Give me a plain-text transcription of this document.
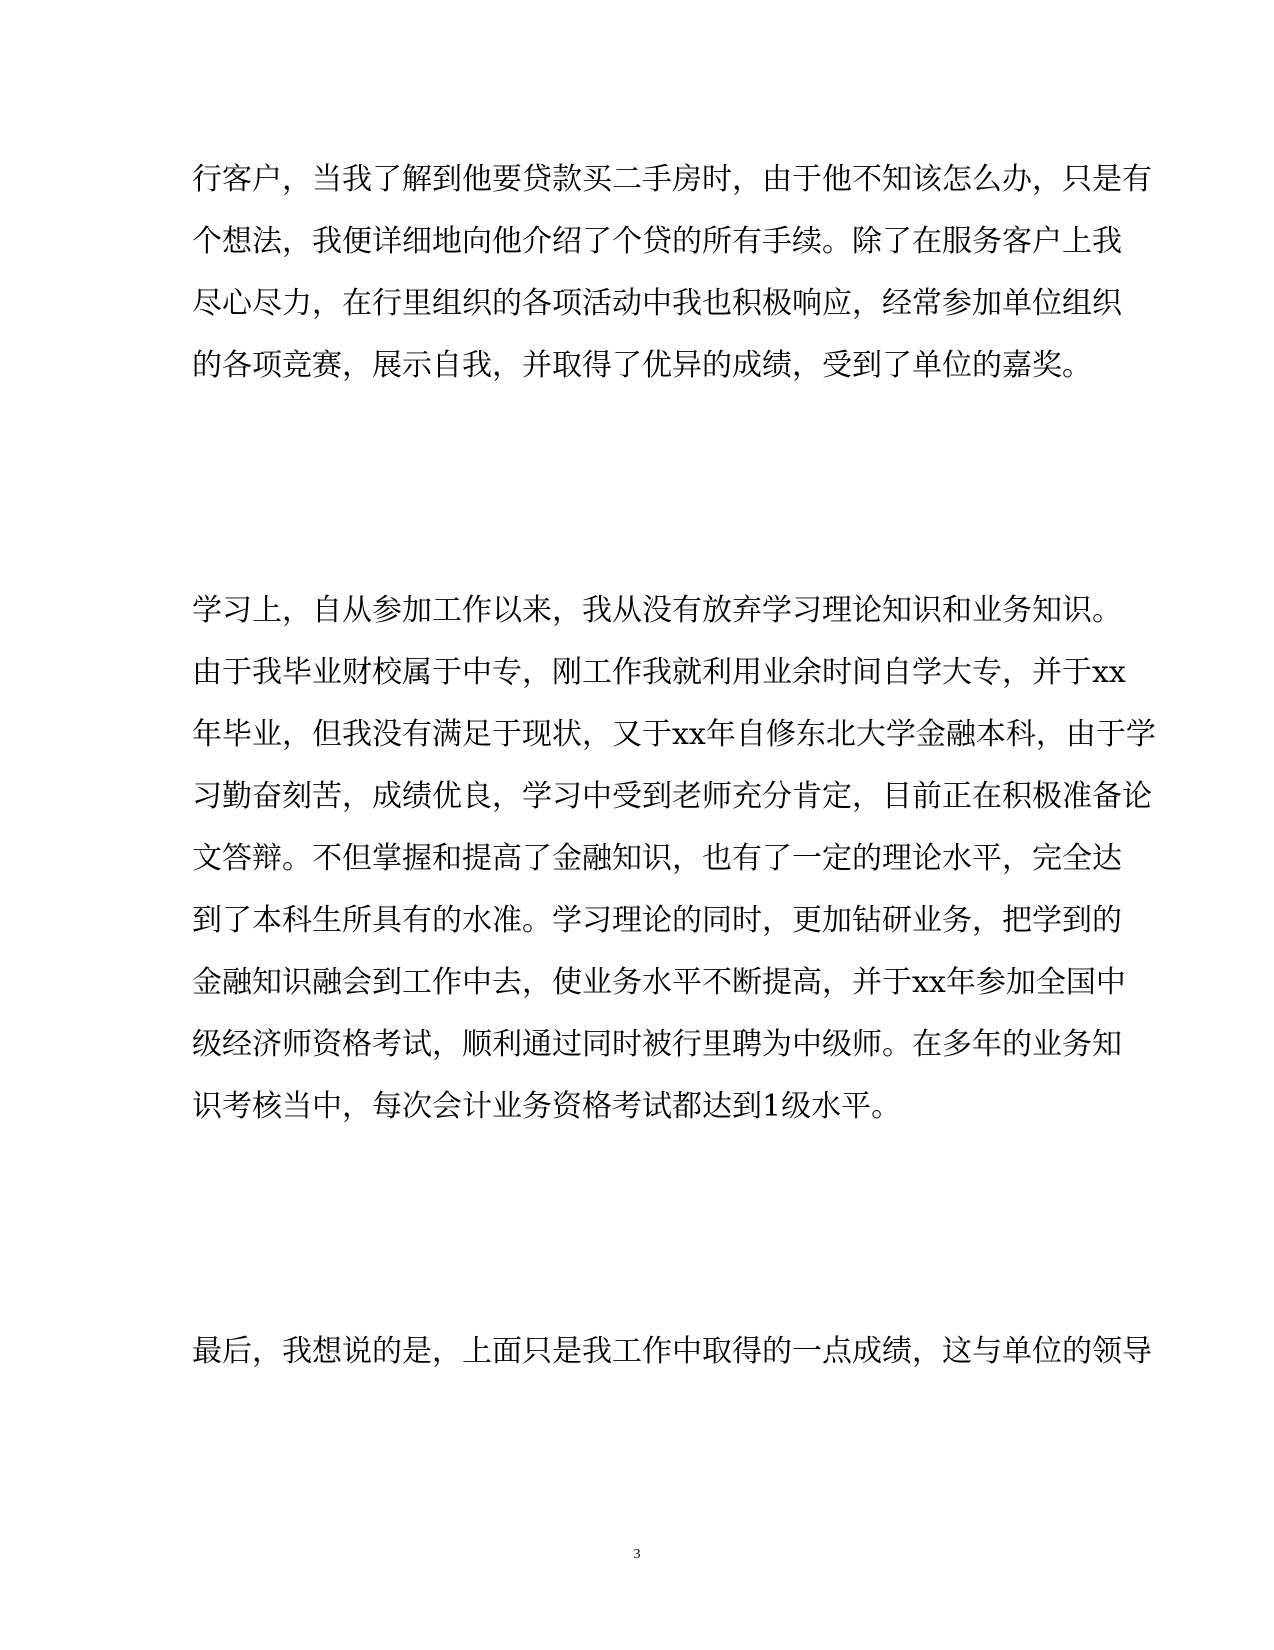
行客户，当我了解到他要贷款买二手房时，由于他不知该怎么办，只是有
个想法，我便详细地向他介绍了个贷的所有手续。除了在服务客户上我
尽心尽力，在行里组织的各项活动中我也积极响应，经常参加单位组织
的各项竞赛，展示自我，并取得了优异的成绩，受到了单位的嘉奖。
学习上，自从参加工作以来，我从没有放弃学习理论知识和业务知识。
由于我毕业财校属于中专，刚工作我就利用业余时间自学大专，并于xx
年毕业，但我没有满足于现状，又于xx年自修东北大学金融本科，由于学
习勤奋刻苦，成绩优良，学习中受到老师充分肯定，目前正在积极准备论
文答辩。不但掌握和提高了金融知识，也有了一定的理论水平，完全达
到了本科生所具有的水准。学习理论的同时，更加钻研业务，把学到的
金融知识融会到工作中去，使业务水平不断提高，并于xx年参加全国中
级经济师资格考试，顺利通过同时被行里聘为中级师。在多年的业务知
识考核当中，每次会计业务资格考试都达到1级水平。
最后，我想说的是，上面只是我工作中取得的一点成绩，这与单位的领导
3
